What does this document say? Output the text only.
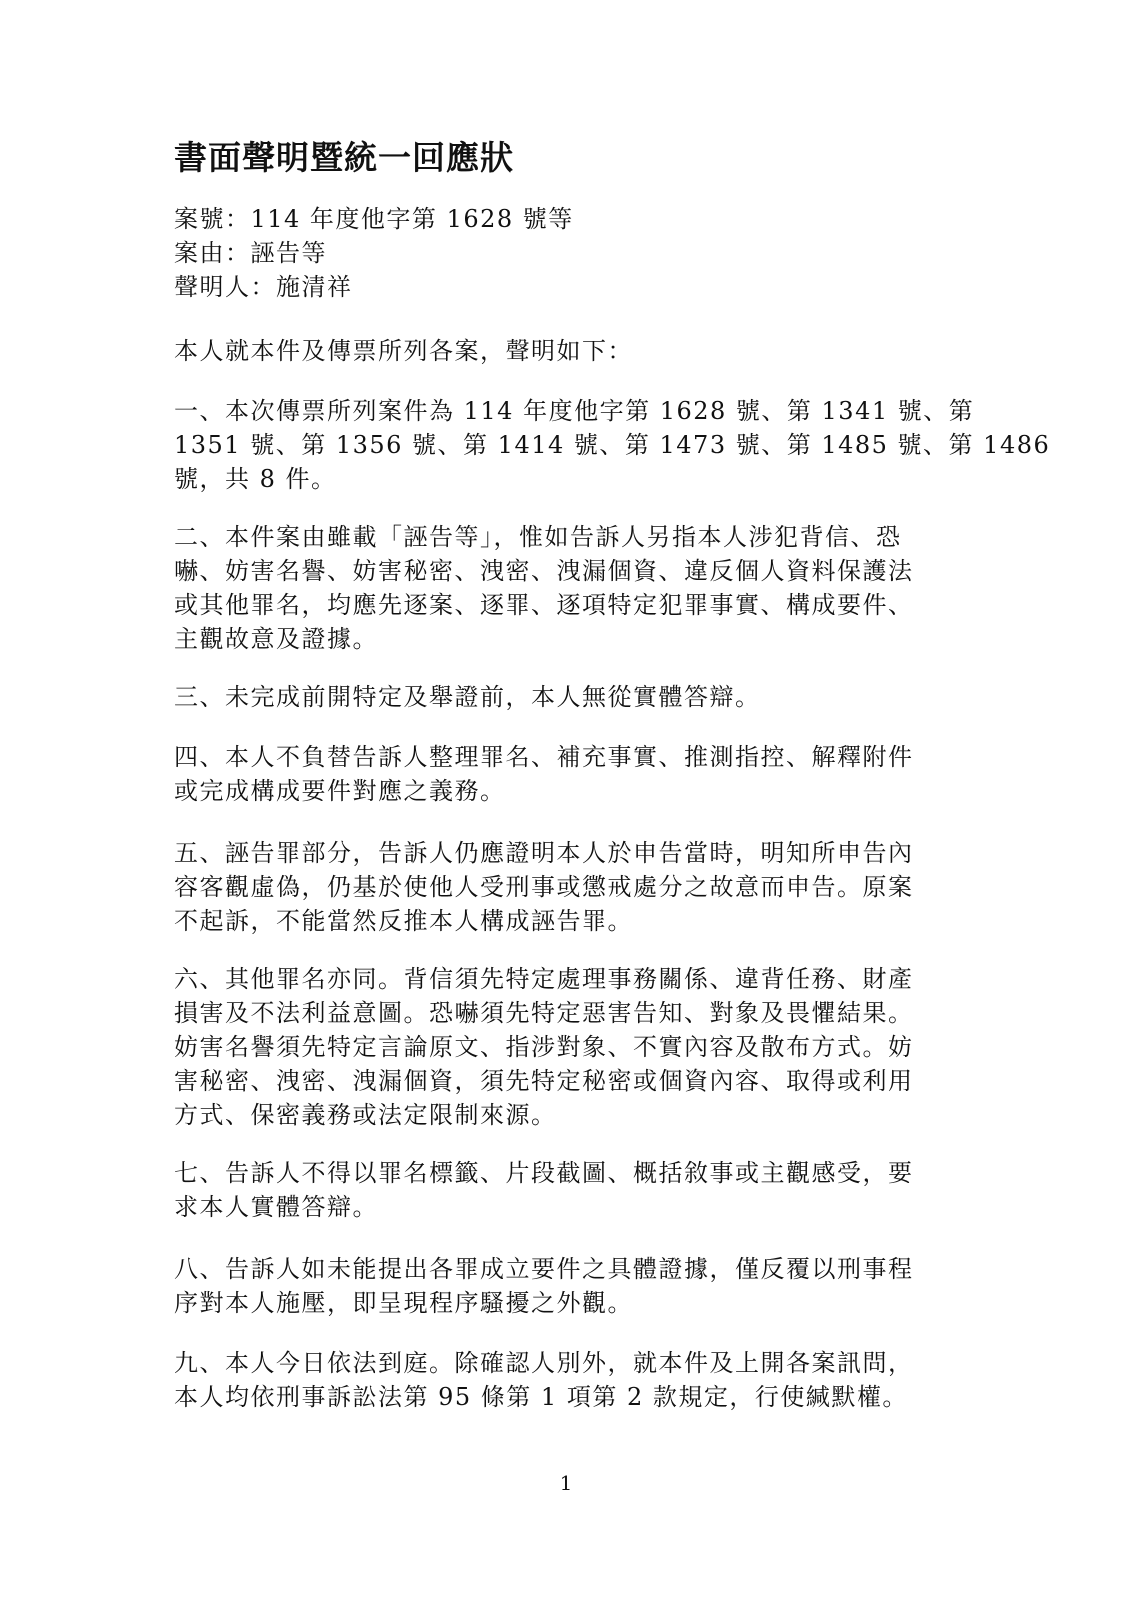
書面聲明暨統一回應狀
案號：114 年度他字第 1628 號等
案由：誣告等
聲明人：施清祥
本人就本件及傳票所列各案，聲明如下：
一、本次傳票所列案件為 114 年度他字第 1628 號、第 1341 號、第
1351 號、第 1356 號、第 1414 號、第 1473 號、第 1485 號、第 1486
號，共 8 件。
二、本件案由雖載「誣告等」，惟如告訴人另指本人涉犯背信、恐
嚇、妨害名譽、妨害秘密、洩密、洩漏個資、違反個人資料保護法
或其他罪名，均應先逐案、逐罪、逐項特定犯罪事實、構成要件、
主觀故意及證據。
三、未完成前開特定及舉證前，本人無從實體答辯。
四、本人不負替告訴人整理罪名、補充事實、推測指控、解釋附件
或完成構成要件對應之義務。
五、誣告罪部分，告訴人仍應證明本人於申告當時，明知所申告內
容客觀虛偽，仍基於使他人受刑事或懲戒處分之故意而申告。原案
不起訴，不能當然反推本人構成誣告罪。
六、其他罪名亦同。背信須先特定處理事務關係、違背任務、財產
損害及不法利益意圖。恐嚇須先特定惡害告知、對象及畏懼結果。
妨害名譽須先特定言論原文、指涉對象、不實內容及散布方式。妨
害秘密、洩密、洩漏個資，須先特定秘密或個資內容、取得或利用
方式、保密義務或法定限制來源。
七、告訴人不得以罪名標籤、片段截圖、概括敘事或主觀感受，要
求本人實體答辯。
八、告訴人如未能提出各罪成立要件之具體證據，僅反覆以刑事程
序對本人施壓，即呈現程序騷擾之外觀。
九、本人今日依法到庭。除確認人別外，就本件及上開各案訊問，
本人均依刑事訴訟法第 95 條第 1 項第 2 款規定，行使緘默權。
1
